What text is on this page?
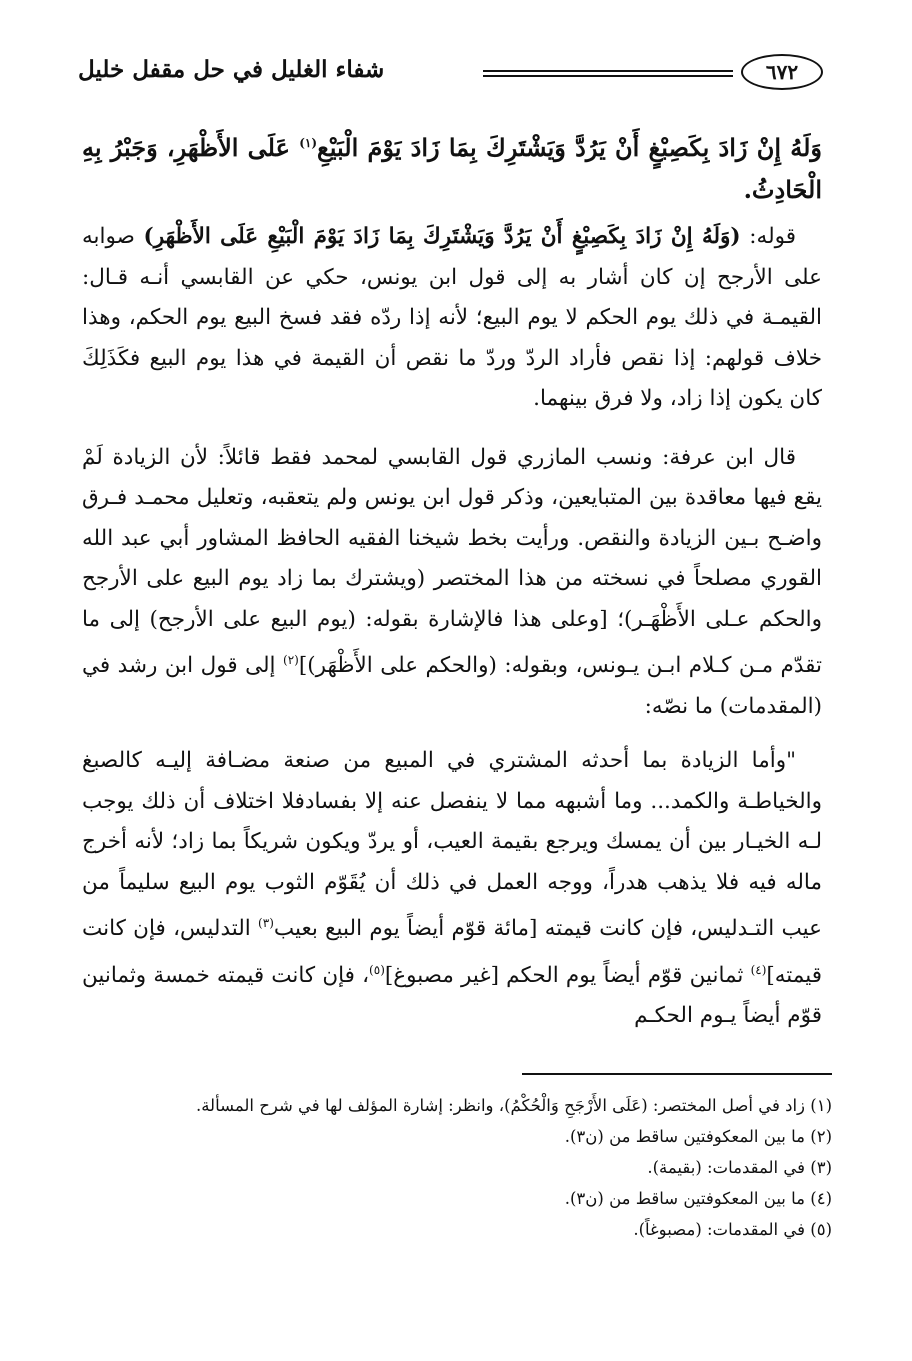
٦٧٢
شفاء الغليل في حل مقفل خليل

وَلَهُ إِنْ زَادَ بِكَصِبْغٍ أَنْ يَرُدَّ وَيَشْتَرِكَ بِمَا زَادَ يَوْمَ الْبَيْعِ$^{(١)}$ عَلَى الأَظْهَرِ، وَجَبْرُ بِهِ الْحَادِثُ.

قوله: (وَلَهُ إِنْ زَادَ بِكَصِبْغٍ أَنْ يَرُدَّ وَيَشْتَرِكَ بِمَا زَادَ يَوْمَ الْبَيْعِ عَلَى الأَظْهَرِ) صوابه على الأرجح إن كان أشار به إلى قول ابن يونس، حكي عن القابسي أنـه قـال: القيمـة في ذلك يوم الحكم لا يوم البيع؛ لأنه إذا ردّه فقد فسخ البيع يوم الحكم، وهذا خلاف قولهم: إذا نقص فأراد الردّ وردّ ما نقص أن القيمة في هذا يوم البيع فكَذَلِكَ كان يكون إذا زاد، ولا فرق بينهما.

قال ابن عرفة: ونسب المازري قول القابسي لمحمد فقط قائلاً: لأن الزيادة لَمْ يقع فيها معاقدة بين المتبايعين، وذكر قول ابن يونس ولم يتعقبه، وتعليل محمـد فـرق واضـح بـين الزيادة والنقص. ورأيت بخط شيخنا الفقيه الحافظ المشاور أبي عبد الله القوري مصلحاً في نسخته من هذا المختصر (ويشترك بما زاد يوم البيع على الأرجح والحكم عـلى الأَظْهَـر)؛ [وعلى هذا فالإشارة بقوله: (يوم البيع على الأرجح) إلى ما تقدّم مـن كـلام ابـن يـونس، وبقوله: (والحكم على الأَظْهَر)]$^{(٢)}$ إلى قول ابن رشد في (المقدمات) ما نصّه:

"وأما الزيادة بما أحدثه المشتري في المبيع من صنعة مضـافة إليـه كالصبغ والخياطـة والكمد... وما أشبهه مما لا ينفصل عنه إلا بفسادفلا اختلاف أن ذلك يوجب لـه الخيـار بين أن يمسك ويرجع بقيمة العيب، أو يردّ ويكون شريكاً بما زاد؛ لأنه أخرج ماله فيه فلا يذهب هدراً، ووجه العمل في ذلك أن يُقَوّم الثوب يوم البيع سليماً من عيب التـدليس، فإن كانت قيمته [مائة قوّم أيضاً يوم البيع بعيب$^{(٣)}$ التدليس، فإن كانت قيمته]$^{(٤)}$ ثمانين قوّم أيضاً يوم الحكم [غير مصبوغ]$^{(٥)}$، فإن كانت قيمته خمسة وثمانين قوّم أيضاً يـوم الحكـم

(١) زاد في أصل المختصر: (عَلَى الأَرْجَحِ وَالْحُكْمُ)، وانظر: إشارة المؤلف لها في شرح المسألة.

(٢) ما بين المعكوفتين ساقط من (ن٣).

(٣) في المقدمات: (بقيمة).

(٤) ما بين المعكوفتين ساقط من (ن٣).

(٥) في المقدمات: (مصبوغاً).
